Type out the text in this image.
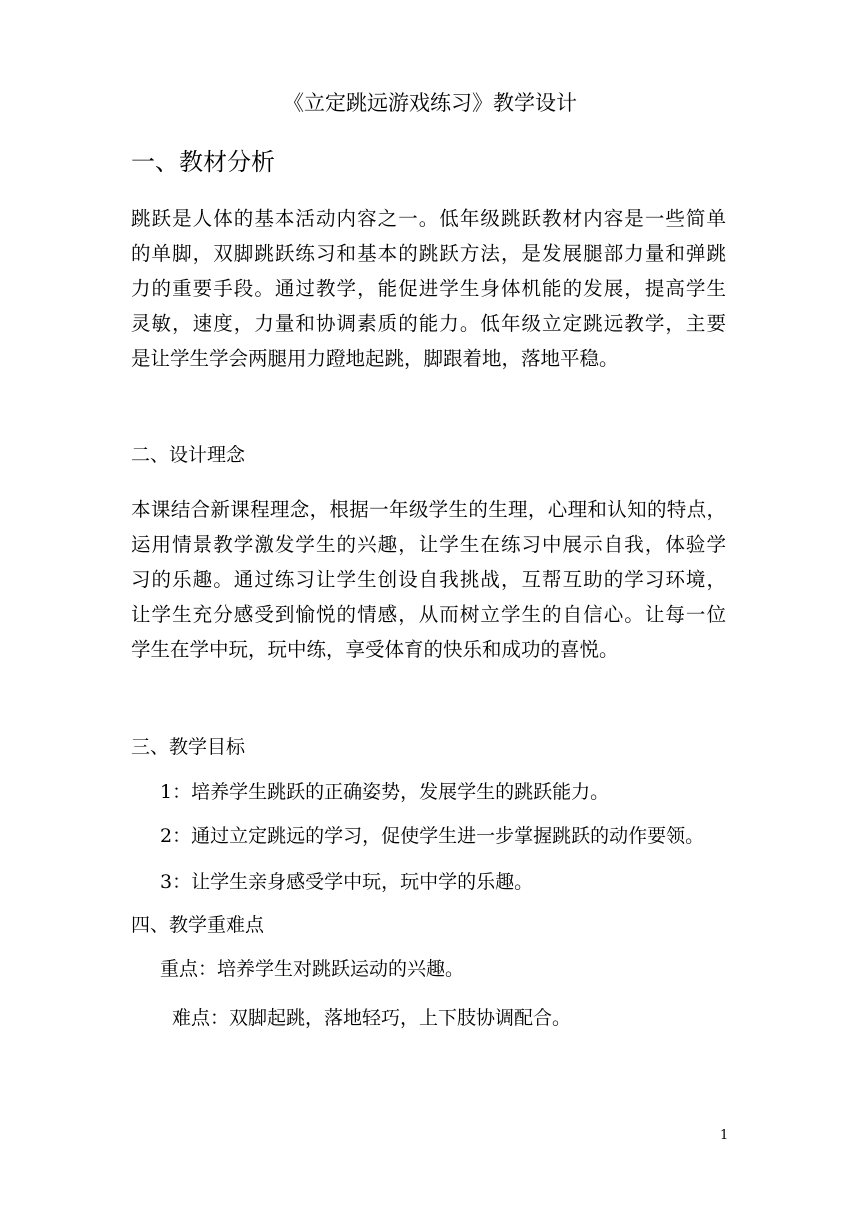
《立定跳远游戏练习》教学设计
一、教材分析
跳跃是人体的基本活动内容之一。低年级跳跃教材内容是一些简单
的单脚，双脚跳跃练习和基本的跳跃方法，是发展腿部力量和弹跳
力的重要手段。通过教学，能促进学生身体机能的发展，提高学生
灵敏，速度，力量和协调素质的能力。低年级立定跳远教学，主要
是让学生学会两腿用力蹬地起跳，脚跟着地，落地平稳。
二、设计理念
本课结合新课程理念，根据一年级学生的生理，心理和认知的特点，
运用情景教学激发学生的兴趣，让学生在练习中展示自我，体验学
习的乐趣。通过练习让学生创设自我挑战，互帮互助的学习环境，
让学生充分感受到愉悦的情感，从而树立学生的自信心。让每一位
学生在学中玩，玩中练，享受体育的快乐和成功的喜悦。
三、教学目标
1：培养学生跳跃的正确姿势，发展学生的跳跃能力。
2：通过立定跳远的学习，促使学生进一步掌握跳跃的动作要领。
3：让学生亲身感受学中玩，玩中学的乐趣。
四、教学重难点
重点：培养学生对跳跃运动的兴趣。
难点：双脚起跳，落地轻巧，上下肢协调配合。
1
